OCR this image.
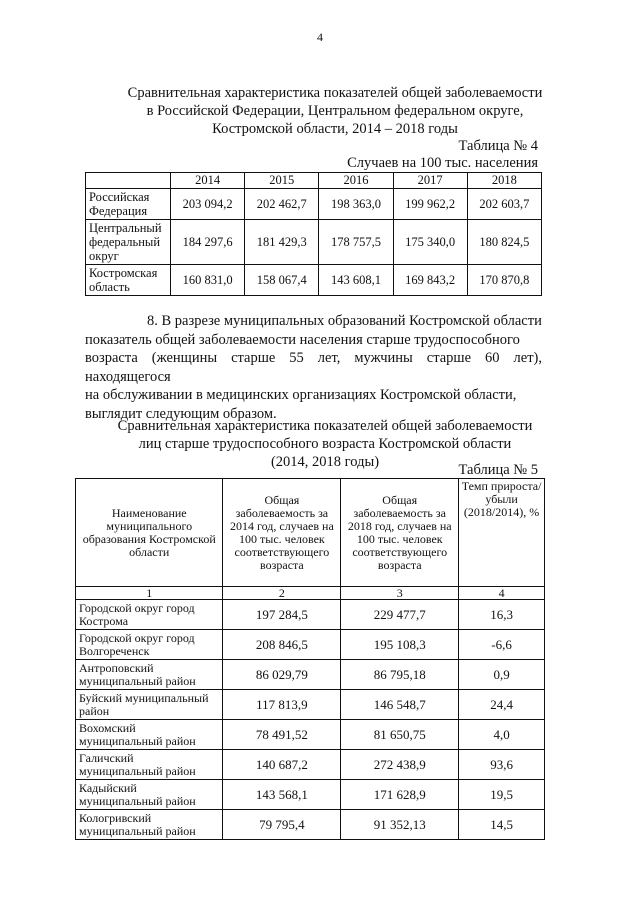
4
Сравнительная характеристика показателей общей заболеваемости
в Российской Федерации, Центральном федеральном округе,
Костромской области, 2014 – 2018 годы
Таблица № 4
Случаев на 100 тыс. населения
	2014	2015	2016	2017	2018
Российская Федерация	203 094,2	202 462,7	198 363,0	199 962,2	202 603,7
Центральный федеральный округ	184 297,6	181 429,3	178 757,5	175 340,0	180 824,5
Костромская область	160 831,0	158 067,4	143 608,1	169 843,2	170 870,8
8. В разрезе муниципальных образований Костромской области
показатель общей заболеваемости населения старше трудоспособного
возраста (женщины старше 55 лет, мужчины старше 60 лет), находящегося
на обслуживании в медицинских организациях Костромской области,
выглядит следующим образом.
Сравнительная характеристика показателей общей заболеваемости
лиц старше трудоспособного возраста Костромской области
(2014, 2018 годы)	Таблица № 5
Наименование муниципального образования Костромской области	Общая заболеваемость за 2014 год, случаев на 100 тыс. человек соответствующего возраста	Общая заболеваемость за 2018 год, случаев на 100 тыс. человек соответствующего возраста	Темп прироста/убыли (2018/2014), %
1	2	3	4
Городской округ город Кострома	197 284,5	229 477,7	16,3
Городской округ город Волгореченск	208 846,5	195 108,3	-6,6
Антроповский муниципальный район	86 029,79	86 795,18	0,9
Буйский муниципальный район	117 813,9	146 548,7	24,4
Вохомский муниципальный район	78 491,52	81 650,75	4,0
Галичский муниципальный район	140 687,2	272 438,9	93,6
Кадыйский муниципальный район	143 568,1	171 628,9	19,5
Кологривский муниципальный район	79 795,4	91 352,13	14,5
